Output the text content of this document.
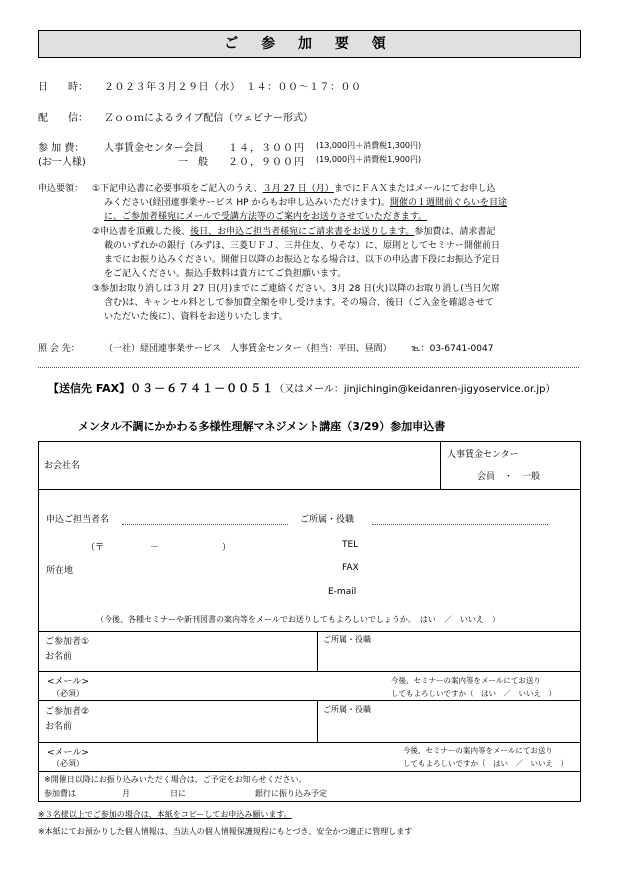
ご 参 加 要 領
日　　時： ２０２３年３月２９日（水）　１４：００～１７：００
配　　信： Ｚｏｏｍによるライブ配信（ウェビナー形式）
参 加 費：
(お一人様)
人事賃金センター会員 １４，３００円 (13,000円＋消費税1,300円)
一　般 ２０，９００円 (19,000円＋消費税1,900円)
申込要領： ①下記申込書に必要事項をご記入のうえ、３月 27 日（月）までにＦＡＸまたはメールにてお申し込
みください(経団連事業サービス HP からもお申し込みいただけます)。開催の１週間前ぐらいを目途
に、ご参加者様宛にメールで受講方法等のご案内をお送りさせていただきます。
②申込書を頂戴した後、後日、お申込ご担当者様宛にご請求書をお送りします。参加費は、請求書記
載のいずれかの銀行（みずほ、三菱ＵＦＪ、三井住友、りそな）に、原則としてセミナー開催前日
までにお振り込みください。開催日以降のお振込となる場合は、以下の申込書下段にお振込予定日
をご記入ください。振込手数料は貴方にてご負担願います。
③参加お取り消しは３月 27 日(月)までにご連絡ください。3月 28 日(火)以降のお取り消し(当日欠席
含む)は、キャンセル料として参加費全額を申し受けます。その場合、後日（ご入金を確認させて
いただいた後に）、資料をお送りいたします。
照 会 先：	（一社）経団連事業サービス　人事賃金センター（担当：平田、昼間） ℡：03-6741-0047
【送信先 FAX】０３－６７４１－００５１（又はメール：jinjichingin@keidanren-jigyoservice.or.jp）
メンタル不調にかかわる多様性理解マネジメント講座（3/29）参加申込書
お会社名
人事賃金センター
会員　・　一般
申込ご担当者名	ご所属・役職
（〒	－	）	TEL
所在地	FAX
E-mail
（今後、各種セミナーや新刊図書の案内等をメールでお送りしてもよろしいでしょうか。　はい　／　いいえ　）
ご参加者①
お名前
ご所属・役職
<メール>
（必須）
今後、セミナーの案内等をメールにてお送り
してもよろしいですか（　はい　／　いいえ　）
ご参加者②
お名前
ご所属・役職
<メール>
（必須）
今後、セミナーの案内等をメールにてお送り
してもよろしいですか（　はい　／　いいえ　）
※開催日以降にお振り込みいただく場合は、ご予定をお知らせください。
参加費は	月	日に	銀行に振り込み予定
※３名様以上でご参加の場合は、本紙をコピーしてお申込み願います。
※本紙にてお預かりした個人情報は、当法人の個人情報保護規程にもとづき、安全かつ適正に管理します
